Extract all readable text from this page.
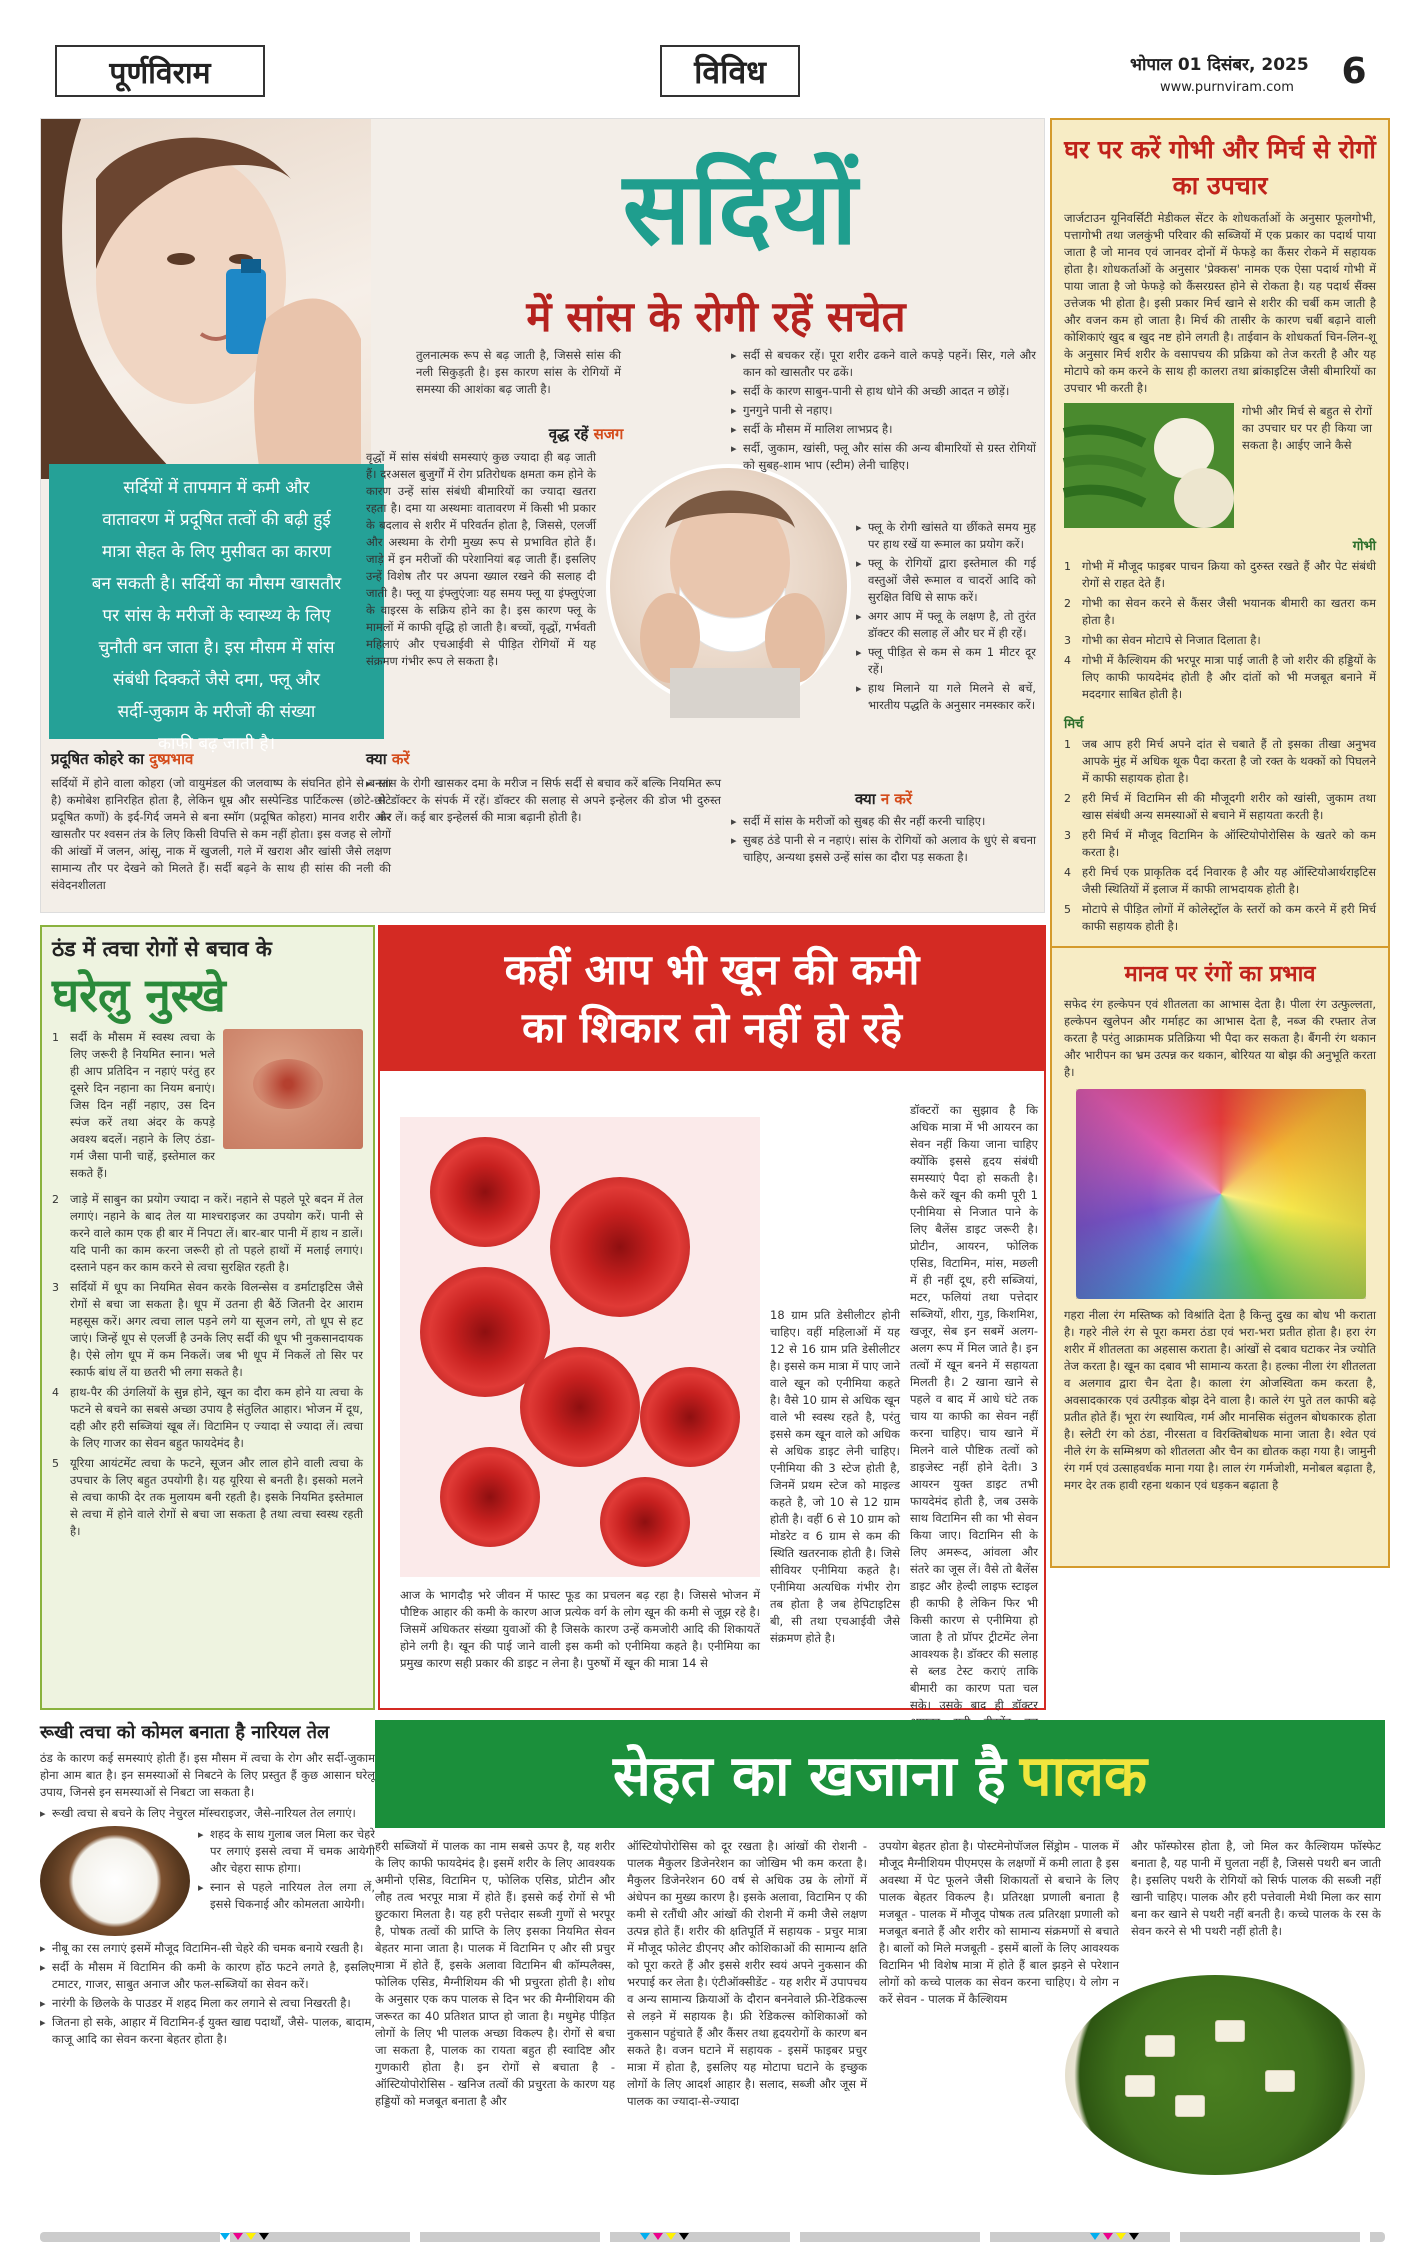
पूर्णविराम	विविध	भोपाल 01 दिसंबर, 2025
www.purnviram.com 6
सर्दियों
में सांस के रोगी रहें सचेत

सर्दियों में तापमान में कमी और

वातावरण में प्रदूषित तत्वों की बढ़ी हुई

मात्रा सेहत के लिए मुसीबत का कारण

बन सकती है। सर्दियों का मौसम खासतौर

पर सांस के मरीजों के स्वास्थ्य के लिए

चुनौती बन जाता है। इस मौसम में सांस

संबंधी दिक्कतें जैसे दमा, फ्लू और

सर्दी-जुकाम के मरीजों की संख्या

काफी बढ़ जाती है।

प्रदूषित कोहरे का दुष्प्रभाव
सर्दियों में होने वाला कोहरा (जो वायुमंडल की जलवाष्प के संघनित होने से बनता है) कमोबेश हानिरहित होता है, लेकिन धूम्र और सस्पेन्डिड पार्टिकल्स (छोटे-छोटे प्रदूषित कणों) के इर्द-गिर्द जमने से बना स्मॉग (प्रदूषित कोहरा) मानव शरीर और खासतौर पर श्वसन तंत्र के लिए किसी विपत्ति से कम नहीं होता। इस वजह से लोगों की आंखों में जलन, आंसू, नाक में खुजली, गले में खराश और खांसी जैसे लक्षण सामान्य तौर पर देखने को मिलते हैं। सर्दी बढ़ने के साथ ही सांस की नली की संवेदनशीलता
तुलनात्मक रूप से बढ़ जाती है, जिससे सांस की नली सिकुड़ती है। इस कारण सांस के रोगियों में समस्या की आशंका बढ़ जाती है।
वृद्ध रहें सजग
वृद्धों में सांस संबंधी समस्याएं कुछ ज्यादा ही बढ़ जाती हैं। दरअसल बुजुर्गों में रोग प्रतिरोधक क्षमता कम होने के कारण उन्हें सांस संबंधी बीमारियों का ज्यादा खतरा रहता है। दमा या अस्थमाः वातावरण में किसी भी प्रकार के बदलाव से शरीर में परिवर्तन होता है, जिससे, एलर्जी और अस्थमा के रोगी मुख्य रूप से प्रभावित होते हैं। जाड़े में इन मरीजों की परेशानियां बढ़ जाती हैं। इसलिए उन्हें विशेष तौर पर अपना ख्याल रखने की सलाह दी जाती है। फ्लू या इंफ्लुएंजाः यह समय फ्लू या इंफ्लुएंजा के वाइरस के सक्रिय होने का है। इस कारण फ्लू के मामलों में काफी वृद्धि हो जाती है। बच्चों, वृद्धों, गर्भवती महिलाएं और एचआईवी से पीड़ित रोगियों में यह संक्रमण गंभीर रूप ले सकता है।
क्या करें
▸ सांस के रोगी खासकर दमा के मरीज न सिर्फ सर्दी से बचाव करें बल्कि नियमित रूप से डॉक्टर के संपर्क में रहें। डॉक्टर की सलाह से अपने इन्हेलर की डोज भी दुरुस्त कर लें। कई बार इन्हेलर्स की मात्रा बढ़ानी होती है।
▸ सर्दी से बचकर रहें। पूरा शरीर ढकने वाले कपड़े पहनें। सिर, गले और कान को खासतौर पर ढकें।
▸ सर्दी के कारण साबुन-पानी से हाथ धोने की अच्छी आदत न छोड़ें।
▸ गुनगुने पानी से नहाए।
▸ सर्दी के मौसम में मालिश लाभप्रद है।
▸ सर्दी, जुकाम, खांसी, फ्लू और सांस की अन्य बीमारियों से ग्रस्त रोगियों को सुबह-शाम भाप (स्टीम) लेनी चाहिए।
▸ फ्लू के रोगी खांसते या छींकते समय मुह पर हाथ रखें या रूमाल का प्रयोग करें।
▸ फ्लू के रोगियों द्वारा इस्तेमाल की गई वस्तुओं जैसे रूमाल व चादरों आदि को सुरक्षित विधि से साफ करें।
▸ अगर आप में फ्लू के लक्षण है, तो तुरंत डॉक्टर की सलाह लें और घर में ही रहें।
▸ फ्लू पीड़ित से कम से कम 1 मीटर दूर रहें।
▸ हाथ मिलाने या गले मिलने से बचें, भारतीय पद्धति के अनुसार नमस्कार करें।
क्या न करें
▸ सर्दी में सांस के मरीजों को सुबह की सैर नहीं करनी चाहिए।
▸ सुबह ठंडे पानी से न नहाएं। सांस के रोगियों को अलाव के धुएं से बचना चाहिए, अन्यथा इससे उन्हें सांस का दौरा पड़ सकता है।
घर पर करें गोभी और मिर्च से रोगों का उपचार
जार्जटाउन यूनिवर्सिटी मेडीकल सेंटर के शोधकर्ताओं के अनुसार फूलगोभी, पत्तागोभी तथा जलकुंभी परिवार की सब्जियों में एक प्रकार का पदार्थ पाया जाता है जो मानव एवं जानवर दोनों में फेफड़े का कैंसर रोकने में सहायक होता है। शोधकर्ताओं के अनुसार 'प्रेक्कस' नामक एक ऐसा पदार्थ गोभी में पाया जाता है जो फेफड़े को कैंसरग्रस्त होने से रोकता है। यह पदार्थ सैंक्स उत्तेजक भी होता है। इसी प्रकार मिर्च खाने से शरीर की चर्बी कम जाती है और वजन कम हो जाता है। मिर्च की तासीर के कारण चर्बी बढ़ाने वाली कोशिकाएं खुद ब खुद नष्ट होने लगती है। ताईवान के शोधकर्ता चिन-लिन-शू के अनुसार मिर्च शरीर के वसापचय की प्रक्रिया को तेज करती है और यह मोटापे को कम करने के साथ ही कालरा तथा ब्रांकाइटिस जैसी बीमारियों का उपचार भी करती है।
गोभी और मिर्च से बहुत से रोगों का उपचार घर पर ही किया जा सकता है। आईए जाने कैसे
गोभी
1 गोभी में मौजूद फाइबर पाचन क्रिया को दुरुस्त रखते हैं और पेट संबंधी रोगों से राहत देते हैं।
2 गोभी का सेवन करने से कैंसर जैसी भयानक बीमारी का खतरा कम होता है।
3 गोभी का सेवन मोटापे से निजात दिलाता है।
4 गोभी में कैल्शियम की भरपूर मात्रा पाई जाती है जो शरीर की हड्डियों के लिए काफी फायदेमंद होती है और दांतों को भी मजबूत बनाने में मददगार साबित होती है।
मिर्च
1 जब आप हरी मिर्च अपने दांत से चबाते हैं तो इसका तीखा अनुभव आपके मुंह में अधिक थूक पैदा करता है जो रक्त के थक्कों को पिघलने में काफी सहायक होता है।
2 हरी मिर्च में विटामिन सी की मौजूदगी शरीर को खांसी, जुकाम तथा खास संबंधी अन्य समस्याओं से बचाने में सहायता करती है।
3 हरी मिर्च में मौजूद विटामिन के ऑस्टियोपोरोसिस के खतरे को कम करता है।
4 हरी मिर्च एक प्राकृतिक दर्द निवारक है और यह ऑस्टियोआर्थराइटिस जैसी स्थितियों में इलाज में काफी लाभदायक होती है।
5 मोटापे से पीड़ित लोगों में कोलेस्ट्रॉल के स्तरों को कम करने में हरी मिर्च काफी सहायक होती है।
मानव पर रंगों का प्रभाव
सफेद रंग हल्केपन एवं शीतलता का आभास देता है। पीला रंग उत्फुल्लता, हल्केपन खुलेपन और गर्माहट का आभास देता है, नब्ज की रफ्तार तेज करता है परंतु आक्रामक प्रतिक्रिया भी पैदा कर सकता है। बैंगनी रंग थकान और भारीपन का भ्रम उत्पन्न कर थकान, बोरियत या बोझ की अनुभूति करता है।
गहरा नीला रंग मस्तिष्क को विश्रांति देता है किन्तु दुख का बोध भी कराता है। गहरे नीले रंग से पूरा कमरा ठंडा एवं भरा-भरा प्रतीत होता है। हरा रंग शरीर में शीतलता का अहसास कराता है। आंखों से दबाव घटाकर नेत्र ज्योति तेज करता है। खून का दबाव भी सामान्य करता है। हल्का नीला रंग शीतलता व अलगाव द्वारा चैन देता है। काला रंग ओजस्विता कम करता है, अवसादकारक एवं उत्पीड़क बोझ देने वाला है। काले रंग पुते तल काफी बढ़े प्रतीत होते हैं। भूरा रंग स्थायित्व, गर्म और मानसिक संतुलन बोधकारक होता है। स्लेटी रंग को ठंडा, नीरसता व विरक्तिबोधक माना जाता है। श्वेत एवं नीले रंग के सम्मिश्रण को शीतलता और चैन का द्योतक कहा गया है। जामुनी रंग गर्म एवं उत्साहवर्धक माना गया है। लाल रंग गर्मजोशी, मनोबल बढ़ाता है, मगर देर तक हावी रहना थकान एवं धड़कन बढ़ाता है
ठंड में त्वचा रोगों से बचाव के
घरेलु नुस्खे
1 सर्दी के मौसम में स्वस्थ त्वचा के लिए जरूरी है नियमित स्नान। भले ही आप प्रतिदिन न नहाएं परंतु हर दूसरे दिन नहाना का नियम बनाएं। जिस दिन नहीं नहाए, उस दिन स्पंज करें तथा अंदर के कपड़े अवश्य बदलें। नहाने के लिए ठंडा-गर्म जैसा पानी चाहें, इस्तेमाल कर सकते हैं।
2 जाड़े में साबुन का प्रयोग ज्यादा न करें। नहाने से पहले पूरे बदन में तेल लगाएं। नहाने के बाद तेल या माश्चराइजर का उपयोग करें। पानी से करने वाले काम एक ही बार में निपटा लें। बार-बार पानी में हाथ न डालें। यदि पानी का काम करना जरूरी हो तो पहले हाथों में मलाई लगाएं। दस्ताने पहन कर काम करने से त्वचा सुरक्षित रहती है।
3 सर्दियों में धूप का नियमित सेवन करके विलन्सेस व डर्माटाइटिस जैसे रोगों से बचा जा सकता है। धूप में उतना ही बैठें जितनी देर आराम महसूस करें। अगर त्वचा लाल पड़ने लगे या सूजन लगे, तो धूप से हट जाएं। जिन्हें धूप से एलर्जी है उनके लिए सर्दी की धूप भी नुकसानदायक है। ऐसे लोग धूप में कम निकलें। जब भी धूप में निकलें तो सिर पर स्कार्फ बांध लें या छतरी भी लगा सकते है।
4 हाथ-पैर की उंगलियों के सुन्न होने, खून का दौरा कम होने या त्वचा के फटने से बचने का सबसे अच्छा उपाय है संतुलित आहार। भोजन में दूध, दही और हरी सब्जियां खूब लें। विटामिन ए ज्यादा से ज्यादा लें। त्वचा के लिए गाजर का सेवन बहुत फायदेमंद है।
5 यूरिया आयंटमेंट त्वचा के फटने, सूजन और लाल होने वाली त्वचा के उपचार के लिए बहुत उपयोगी है। यह यूरिया से बनती है। इसको मलने से त्वचा काफी देर तक मुलायम बनी रहती है। इसके नियमित इस्तेमाल से त्वचा में होने वाले रोगों से बचा जा सकता है तथा त्वचा स्वस्थ रहती है।
कहीं आप भी खून की कमी
का शिकार तो नहीं हो रहे
आज के भागदौड़ भरे जीवन में फास्ट फूड का प्रचलन बढ़ रहा है। जिससे भोजन में पौष्टिक आहार की कमी के कारण आज प्रत्येक वर्ग के लोग खून की कमी से जूझ रहे है। जिसमें अधिकतर संख्या युवाओं की है जिसके कारण उन्हें कमजोरी आदि की शिकायतें होने लगी है। खून की पाई जाने वाली इस कमी को एनीमिया कहते है। एनीमिया का प्रमुख कारण सही प्रकार की डाइट न लेना है। पुरुषों में खून की मात्रा 14 से
18 ग्राम प्रति डेसीलीटर होनी चाहिए। वहीं महिलाओं में यह 12 से 16 ग्राम प्रति डेसीलीटर है। इससे कम मात्रा में पाए जाने वाले खून को एनीमिया कहते है। वैसे 10 ग्राम से अधिक खून वाले भी स्वस्थ रहते है, परंतु इससे कम खून वाले को अधिक से अधिक डाइट लेनी चाहिए। एनीमिया की 3 स्टेज होती है, जिनमें प्रथम स्टेज को माइल्ड कहते है, जो 10 से 12 ग्राम होती है। वहीं 6 से 10 ग्राम को मोडरेट व 6 ग्राम से कम की स्थिति खतरनाक होती है। जिसे सीवियर एनीमिया कहते है। एनीमिया अत्यधिक गंभीर रोग तब होता है जब हेपिटाइटिस बी, सी तथा एचआईवी जैसे संक्रमण होते है।
डॉक्टरों का सुझाव है कि अधिक मात्रा में भी आयरन का सेवन नहीं किया जाना चाहिए क्योंकि इससे हृदय संबंधी समस्याएं पैदा हो सकती है। कैसे करें खून की कमी पूरी 1 एनीमिया से निजात पाने के लिए बैलेंस डाइट जरूरी है। प्रोटीन, आयरन, फोलिक एसिड, विटामिन, मांस, मछली में ही नहीं दूध, हरी सब्जियां, मटर, फलियां तथा पत्तेदार सब्जियों, शीरा, गुड़, किशमिश, खजूर, सेब इन सबमें अलग-अलग रूप में मिल जाते है। इन तत्वों में खून बनने में सहायता मिलती है। 2 खाना खाने से पहले व बाद में आधे घंटे तक चाय या काफी का सेवन नहीं करना चाहिए। चाय खाने में मिलने वाले पौष्टिक तत्वों को डाइजेस्ट नहीं होने देती। 3 आयरन युक्त डाइट तभी फायदेमंद होती है, जब उसके साथ विटामिन सी का भी सेवन किया जाए। विटामिन सी के लिए अमरूद, आंवला और संतरे का जूस लें। वैसे तो बैलेंस डाइट और हेल्दी लाइफ स्टाइल ही काफी है लेकिन फिर भी किसी कारण से एनीमिया हो जाता है तो प्रॉपर ट्रीटमेंट लेना आवश्यक है। डॉक्टर की सलाह से ब्लड टेस्ट कराएं ताकि बीमारी का कारण पता चल सके। उसके बाद ही डॉक्टर
रूखी त्वचा को कोमल बनाता है नारियल तेल
ठंड के कारण कई समस्याएं होती हैं। इस मौसम में त्वचा के रोग और सर्दी-जुकाम होना आम बात है। इन समस्याओं से निबटने के लिए प्रस्तुत हैं कुछ आसान घरेलू उपाय, जिनसे इन समस्याओं से निबटा जा सकता है।
▸ रूखी त्वचा से बचने के लिए नेचुरल मॉस्चराइजर, जैसे-नारियल तेल लगाएं।
▸ शहद के साथ गुलाब जल मिला कर चेहरे पर लगाएं इससे त्वचा में चमक आयेगी और चेहरा साफ होगा।
▸ स्नान से पहले नारियल तेल लगा लें, इससे चिकनाई और कोमलता आयेगी।
▸ नीबू का रस लगाएं इसमें मौजूद विटामिन-सी चेहरे की चमक बनाये रखती है।
▸ सर्दी के मौसम में विटामिन की कमी के कारण होंठ फटने लगते है, इसलिए टमाटर, गाजर, साबुत अनाज और फल-सब्जियों का सेवन करें।
▸ नारंगी के छिलके के पाउडर में शहद मिला कर लगाने से त्वचा निखरती है।
▸ जितना हो सके, आहार में विटामिन-ई युक्त खाद्य पदार्थों, जैसे- पालक, बादाम, काजू आदि का सेवन करना बेहतर होता है।
सेहत का खजाना है पालक
हरी सब्जियों में पालक का नाम सबसे ऊपर है, यह शरीर के लिए काफी फायदेमंद है। इसमें शरीर के लिए आवश्यक अमीनो एसिड, विटामिन ए, फोलिक एसिड, प्रोटीन और लौह तत्व भरपूर मात्रा में होते हैं। इससे कई रोगों से भी छुटकारा मिलता है। यह हरी पत्तेदार सब्जी गुणों से भरपूर है, पोषक तत्वों की प्राप्ति के लिए इसका नियमित सेवन बेहतर माना जाता है। पालक में विटामिन ए और सी प्रचुर मात्रा में होते हैं, इसके अलावा विटामिन बी कॉम्पलैक्स, फोलिक एसिड, मैग्नीशियम की भी प्रचुरता होती है। शोध के अनुसार एक कप पालक से दिन भर की मैग्नीशियम की जरूरत का 40 प्रतिशत प्राप्त हो जाता है। मधुमेह पीड़ित लोगों के लिए भी पालक अच्छा विकल्प है। रोगों से बचा जा सकता है, पालक का रायता बहुत ही स्वादिष्ट और गुणकारी होता है। इन रोगों से बचाता है - ऑस्टियोपोरोसिस - खनिज तत्वों की प्रचुरता के कारण यह हड्डियों को मजबूत बनाता है और
ऑस्टियोपोरोसिस को दूर रखता है। आंखों की रोशनी - पालक मैकुलर डिजेनरेशन का जोखिम भी कम करता है। मैकुलर डिजेनरेशन 60 वर्ष से अधिक उम्र के लोगों में अंधेपन का मुख्य कारण है। इसके अलावा, विटामिन ए की कमी से रतौंधी और आंखों की रोशनी में कमी जैसे लक्षण उत्पन्न होते हैं। शरीर की क्षतिपूर्ति में सहायक - प्रचुर मात्रा में मौजूद फोलेट डीएनए और कोशिकाओं की सामान्य क्षति को पूरा करते हैं और इससे शरीर स्वयं अपने नुकसान की भरपाई कर लेता है। एंटीऑक्सीडेंट - यह शरीर में उपापचय व अन्य सामान्य क्रियाओं के दौरान बननेवाले फ्री-रेडिकल्स से लड़ने में सहायक है। फ्री रेडिकल्स कोशिकाओं को नुकसान पहुंचाते हैं और कैंसर तथा हृदयरोगों के कारण बन सकते है। वजन घटाने में सहायक - इसमें फाइबर प्रचुर मात्रा में होता है, इसलिए यह मोटापा घटाने के इच्छुक लोगों के लिए आदर्श आहार है। सलाद, सब्जी और जूस में पालक का ज्यादा-से-ज्यादा
उपयोग बेहतर होता है। पोस्टमेनोपॉजल सिंड्रोम - पालक में मौजूद मैग्नीशियम पीएमएस के लक्षणों में कमी लाता है इस अवस्था में पेट फूलने जैसी शिकायतों से बचाने के लिए पालक बेहतर विकल्प है। प्रतिरक्षा प्रणाली बनाता है मजबूत - पालक में मौजूद पोषक तत्व प्रतिरक्षा प्रणाली को मजबूत बनाते हैं और शरीर को सामान्य संक्रमणों से बचाते है। बालों को मिले मजबूती - इसमें बालों के लिए आवश्यक विटामिन भी विशेष मात्रा में होते हैं बाल झड़ने से परेशान लोगों को कच्चे पालक का सेवन करना चाहिए। ये लोग न करें सेवन - पालक में कैल्शियम
और फॉस्फोरस होता है, जो मिल कर कैल्शियम फॉस्फेट बनाता है, यह पानी में घुलता नहीं है, जिससे पथरी बन जाती है। इसलिए पथरी के रोगियों को सिर्फ पालक की सब्जी नहीं खानी चाहिए। पालक और हरी पत्तेवाली मेथी मिला कर साग बना कर खाने से पथरी नहीं बनती है। कच्चे पालक के रस के सेवन करने से भी पथरी नहीं होती है।
